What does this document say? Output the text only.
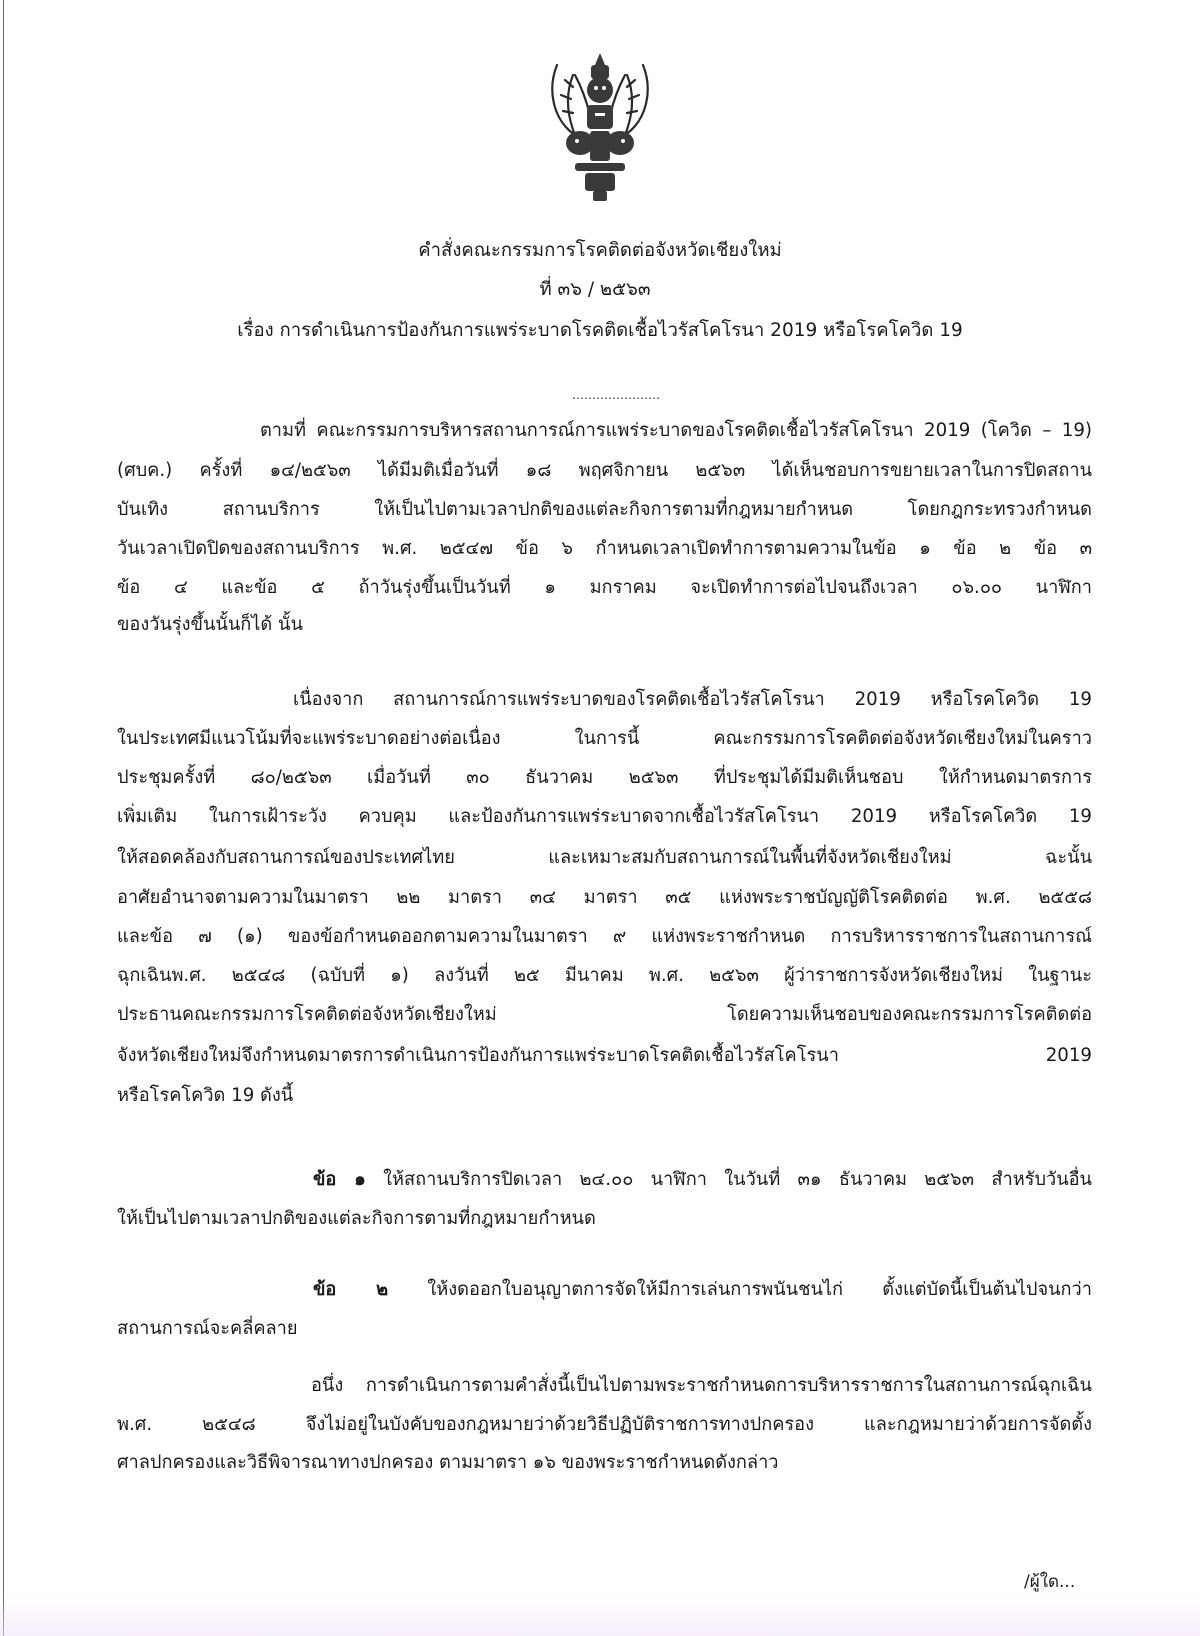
คำสั่งคณะกรรมการโรคติดต่อจังหวัดเชียงใหม่
ที่ ๓๖ / ๒๕๖๓
เรื่อง การดำเนินการป้องกันการแพร่ระบาดโรคติดเชื้อไวรัสโคโรนา 2019 หรือโรคโควิด 19
......................
ตามที่ คณะกรรมการบริหารสถานการณ์การแพร่ระบาดของโรคติดเชื้อไวรัสโคโรนา 2019 (โควิด – 19)
(ศบค.) ครั้งที่ ๑๔/๒๕๖๓ ได้มีมติเมื่อวันที่ ๑๘ พฤศจิกายน ๒๕๖๓ ได้เห็นชอบการขยายเวลาในการปิดสถาน
บันเทิง สถานบริการ ให้เป็นไปตามเวลาปกติของแต่ละกิจการตามที่กฎหมายกำหนด โดยกฎกระทรวงกำหนด
วันเวลาเปิดปิดของสถานบริการ พ.ศ. ๒๕๔๗ ข้อ ๖ กำหนดเวลาเปิดทำการตามความในข้อ ๑ ข้อ ๒ ข้อ ๓
ข้อ ๔ และข้อ ๕ ถ้าวันรุ่งขึ้นเป็นวันที่ ๑ มกราคม จะเปิดทำการต่อไปจนถึงเวลา ๐๖.๐๐ นาฬิกา
ของวันรุ่งขึ้นนั้นก็ได้ นั้น
เนื่องจาก สถานการณ์การแพร่ระบาดของโรคติดเชื้อไวรัสโคโรนา 2019 หรือโรคโควิด 19
ในประเทศมีแนวโน้มที่จะแพร่ระบาดอย่างต่อเนื่อง ในการนี้ คณะกรรมการโรคติดต่อจังหวัดเชียงใหม่ในคราว
ประชุมครั้งที่ ๘๐/๒๕๖๓ เมื่อวันที่ ๓๐ ธันวาคม ๒๕๖๓ ที่ประชุมได้มีมติเห็นชอบ ให้กำหนดมาตรการ
เพิ่มเติม ในการเฝ้าระวัง ควบคุม และป้องกันการแพร่ระบาดจากเชื้อไวรัสโคโรนา 2019 หรือโรคโควิด 19
ให้สอดคล้องกับสถานการณ์ของประเทศไทย และเหมาะสมกับสถานการณ์ในพื้นที่จังหวัดเชียงใหม่ ฉะนั้น
อาศัยอำนาจตามความในมาตรา ๒๒ มาตรา ๓๔ มาตรา ๓๕ แห่งพระราชบัญญัติโรคติดต่อ พ.ศ. ๒๕๕๘
และข้อ ๗ (๑) ของข้อกำหนดออกตามความในมาตรา ๙ แห่งพระราชกำหนด การบริหารราชการในสถานการณ์
ฉุกเฉินพ.ศ. ๒๕๔๘ (ฉบับที่ ๑) ลงวันที่ ๒๕ มีนาคม พ.ศ. ๒๕๖๓ ผู้ว่าราชการจังหวัดเชียงใหม่ ในฐานะ
ประธานคณะกรรมการโรคติดต่อจังหวัดเชียงใหม่ โดยความเห็นชอบของคณะกรรมการโรคติดต่อ
จังหวัดเชียงใหม่จึงกำหนดมาตรการดำเนินการป้องกันการแพร่ระบาดโรคติดเชื้อไวรัสโคโรนา 2019
หรือโรคโควิด 19 ดังนี้
ข้อ ๑ ให้สถานบริการปิดเวลา ๒๔.๐๐ นาฬิกา ในวันที่ ๓๑ ธันวาคม ๒๕๖๓ สำหรับวันอื่น
ให้เป็นไปตามเวลาปกติของแต่ละกิจการตามที่กฎหมายกำหนด
ข้อ ๒ ให้งดออกใบอนุญาตการจัดให้มีการเล่นการพนันชนไก่ ตั้งแต่บัดนี้เป็นต้นไปจนกว่า
สถานการณ์จะคลี่คลาย
อนึ่ง การดำเนินการตามคำสั่งนี้เป็นไปตามพระราชกำหนดการบริหารราชการในสถานการณ์ฉุกเฉิน
พ.ศ. ๒๕๔๘ จึงไม่อยู่ในบังคับของกฎหมายว่าด้วยวิธีปฏิบัติราชการทางปกครอง และกฎหมายว่าด้วยการจัดตั้ง
ศาลปกครองและวิธีพิจารณาทางปกครอง ตามมาตรา ๑๖ ของพระราชกำหนดดังกล่าว
/ผู้ใด...
